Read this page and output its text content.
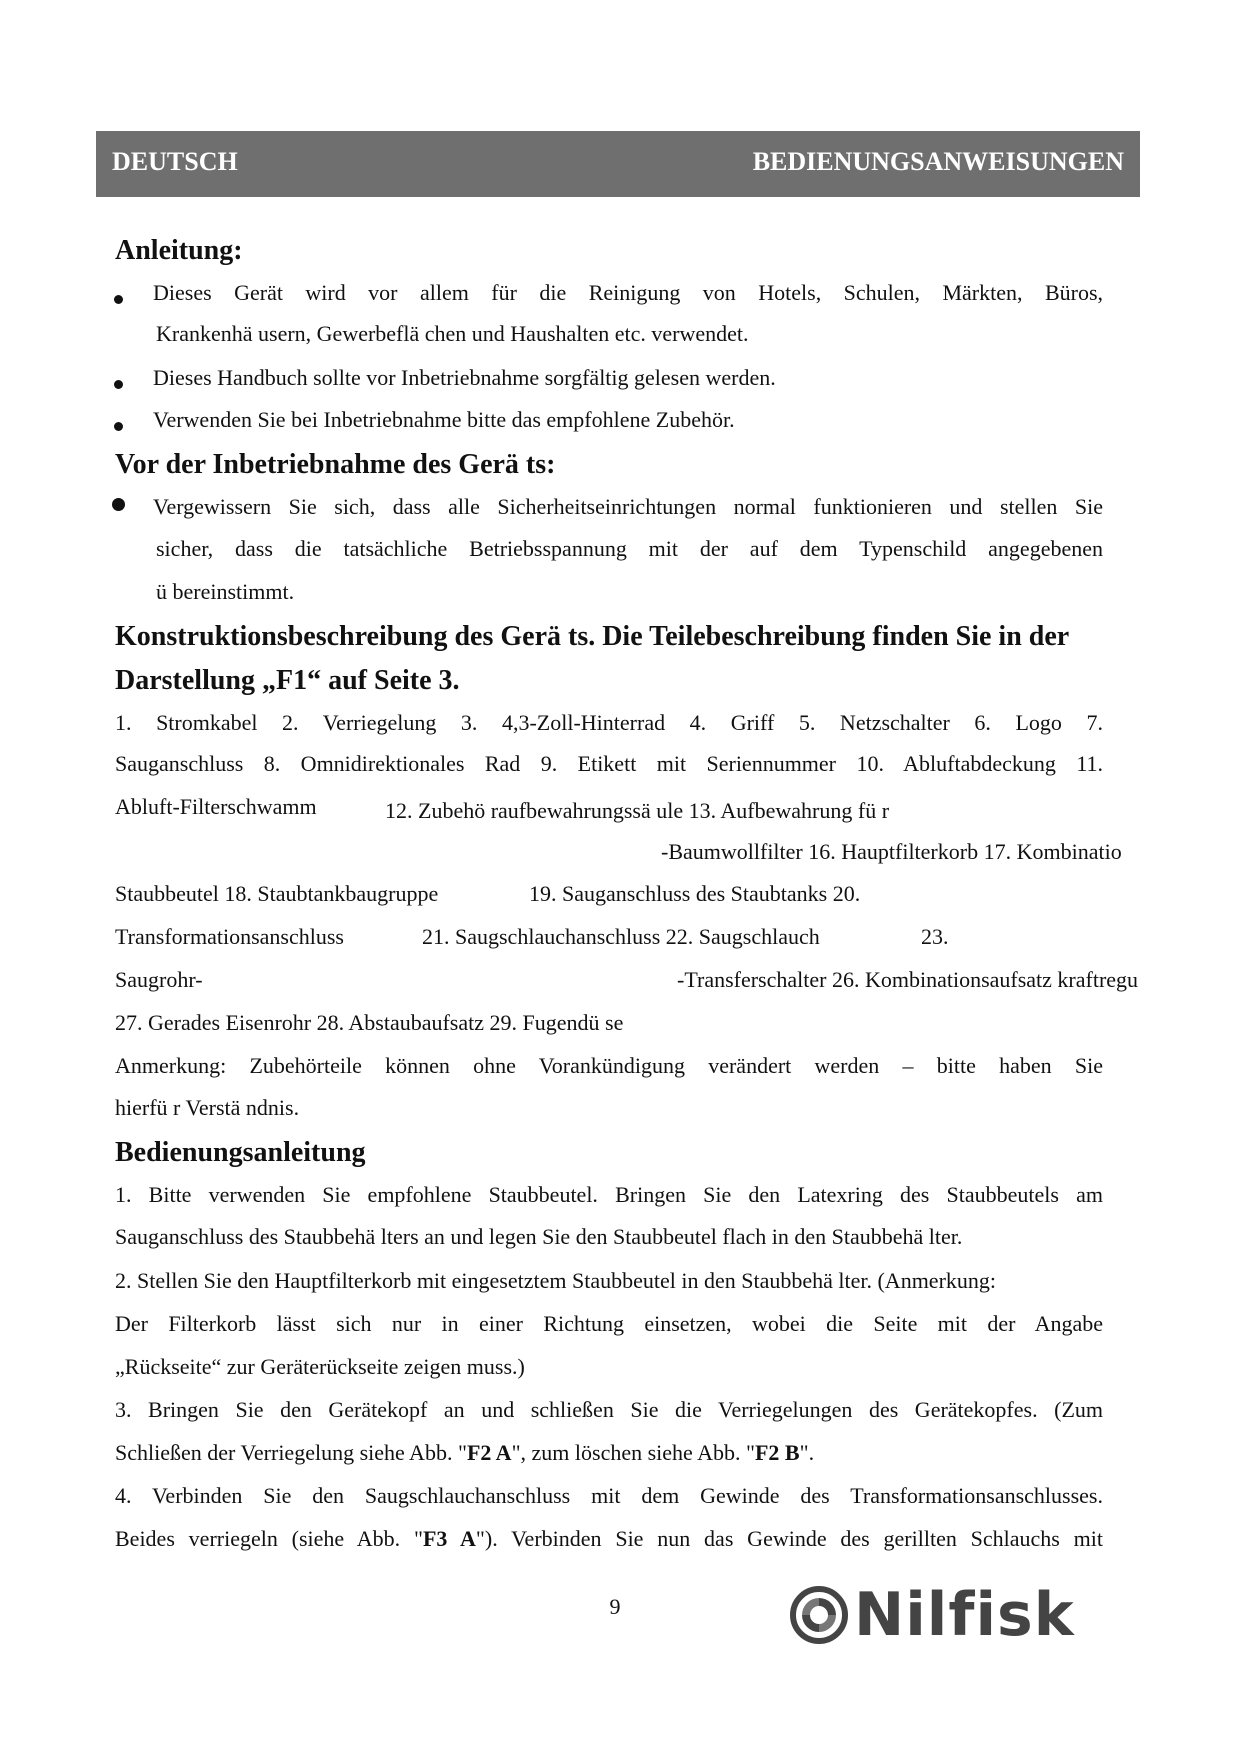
DEUTSCH	BEDIENUNGSANWEISUNGEN
Anleitung:
Dieses Gerät wird vor allem für die Reinigung von Hotels, Schulen, Märkten, Büros,
Krankenhä usern, Gewerbeflä chen und Haushalten etc. verwendet.
Dieses Handbuch sollte vor Inbetriebnahme sorgfältig gelesen werden.
Verwenden Sie bei Inbetriebnahme bitte das empfohlene Zubehör.
Vor der Inbetriebnahme des Gerä ts:
Vergewissern Sie sich, dass alle Sicherheitseinrichtungen normal funktionieren und stellen Sie
sicher, dass die tatsächliche Betriebsspannung mit der auf dem Typenschild angegebenen
ü bereinstimmt.
Konstruktionsbeschreibung des Gerä ts. Die Teilebeschreibung finden Sie in der
Darstellung „F1“ auf Seite 3.
1. Stromkabel 2. Verriegelung 3. 4,3-Zoll-Hinterrad 4. Griff 5. Netzschalter 6. Logo 7.
Sauganschluss 8. Omnidirektionales Rad 9. Etikett mit Seriennummer 10. Abluftabdeckung 11.
Abluft-Filterschwamm	12. Zubehö raufbewahrungssä ule 13. Aufbewahrung fü r
-Baumwollfilter 16. Hauptfilterkorb 17. Kombinatio
Staubbeutel 18. Staubtankbaugruppe	19. Sauganschluss des Staubtanks 20.
Transformationsanschluss	21. Saugschlauchanschluss 22. Saugschlauch	23.
Saugrohr-	-Transferschalter 26. Kombinationsaufsatz kraftregu
27. Gerades Eisenrohr 28. Abstaubaufsatz 29. Fugendü se
Anmerkung: Zubehörteile können ohne Vorankündigung verändert werden – bitte haben Sie
hierfü r Verstä ndnis.
Bedienungsanleitung
1. Bitte verwenden Sie empfohlene Staubbeutel. Bringen Sie den Latexring des Staubbeutels am
Sauganschluss des Staubbehä lters an und legen Sie den Staubbeutel flach in den Staubbehä lter.
2. Stellen Sie den Hauptfilterkorb mit eingesetztem Staubbeutel in den Staubbehä lter. (Anmerkung:
Der Filterkorb lässt sich nur in einer Richtung einsetzen, wobei die Seite mit der Angabe
„Rückseite“ zur Geräterückseite zeigen muss.)
3. Bringen Sie den Gerätekopf an und schließen Sie die Verriegelungen des Gerätekopfes. (Zum
Schließen der Verriegelung siehe Abb. "F2 A", zum löschen siehe Abb. "F2 B".
4. Verbinden Sie den Saugschlauchanschluss mit dem Gewinde des Transformationsanschlusses.
Beides verriegeln (siehe Abb. "F3 A"). Verbinden Sie nun das Gewinde des gerillten Schlauchs mit
9	Nilfisk
